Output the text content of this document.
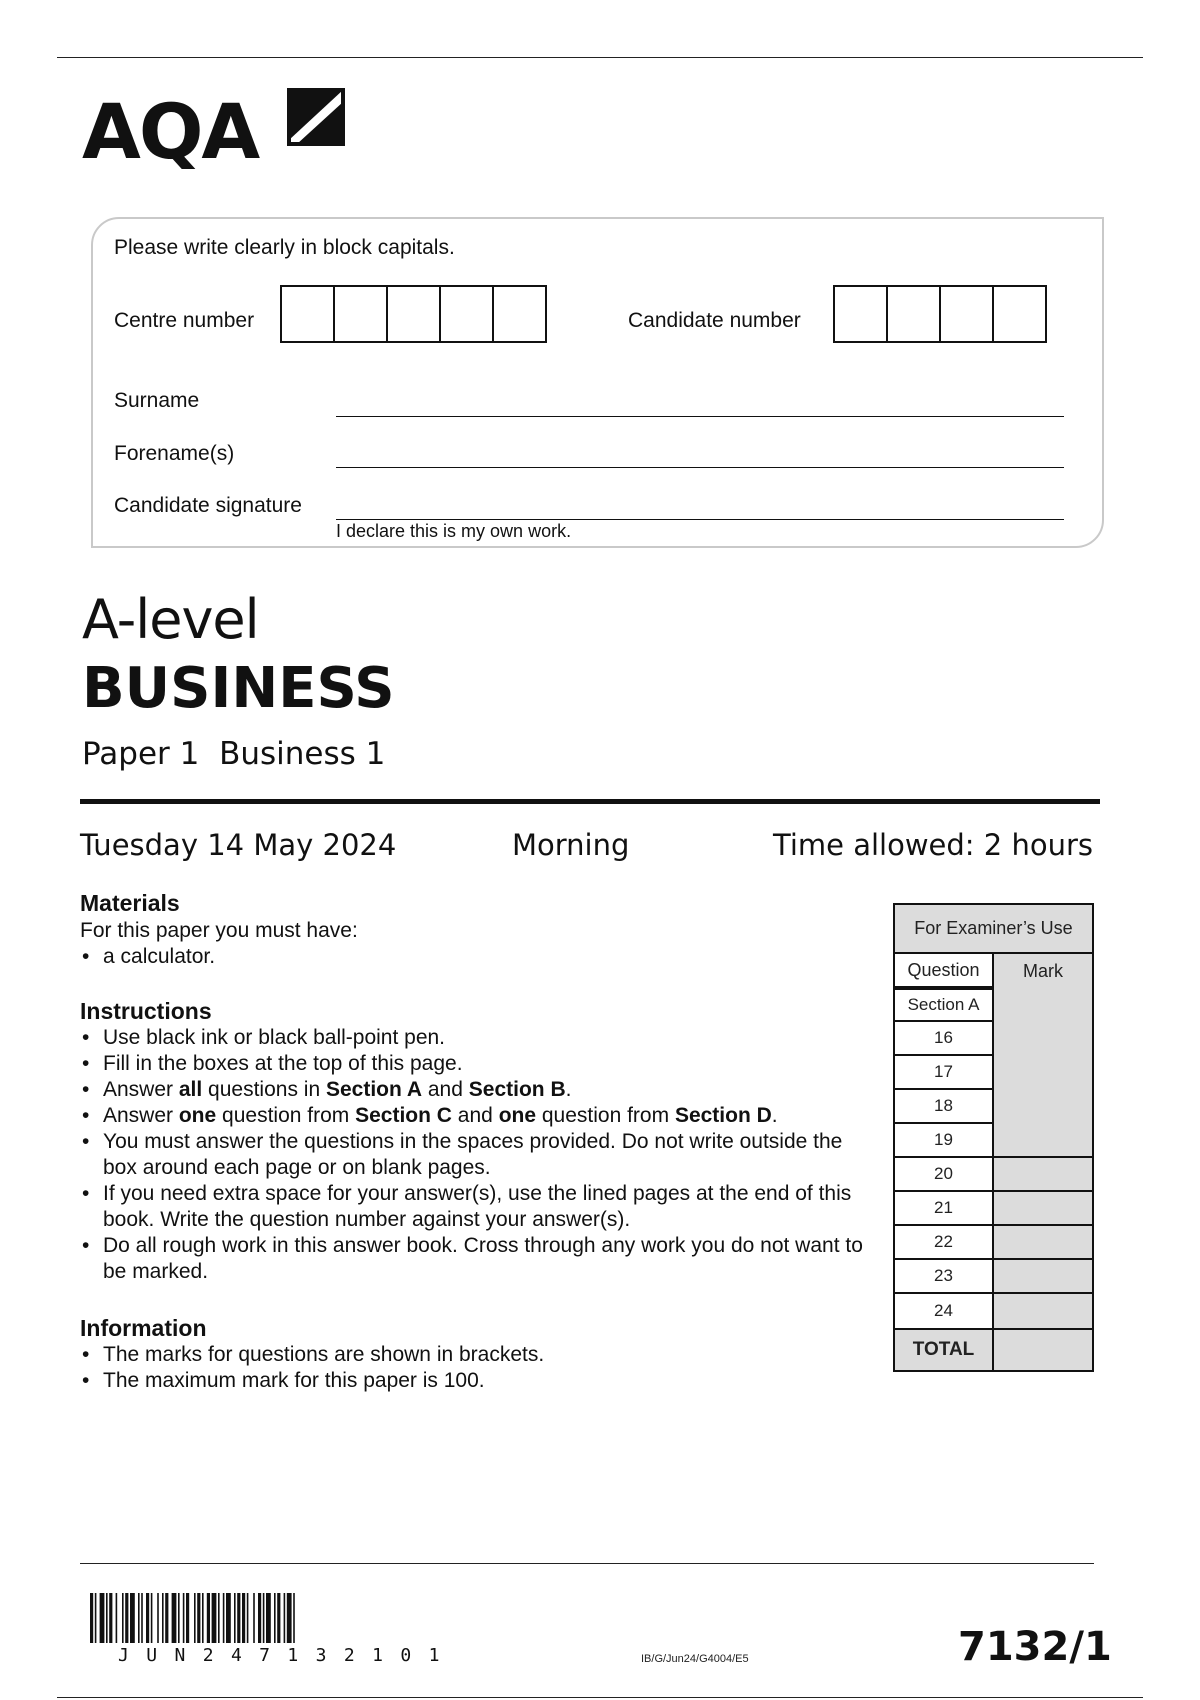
AQA
Please write clearly in block capitals.
Centre number	Candidate number
Surname
Forename(s)
Candidate signature
I declare this is my own work.
A-level
BUSINESS
Paper 1  Business 1
Tuesday 14 May 2024	Morning	Time allowed: 2 hours
Materials
For this paper you must have:
• a calculator.
Instructions
• Use black ink or black ball-point pen.
• Fill in the boxes at the top of this page.
• Answer all questions in Section A and Section B.
• Answer one question from Section C and one question from Section D.
• You must answer the questions in the spaces provided. Do not write outside the box around each page or on blank pages.
• If you need extra space for your answer(s), use the lined pages at the end of this book. Write the question number against your answer(s).
• Do all rough work in this answer book. Cross through any work you do not want to be marked.
Information
• The marks for questions are shown in brackets.
• The maximum mark for this paper is 100.
For Examiner’s Use
Question	Mark
Section A
16
17
18
19
20
21
22
23
24
TOTAL
JUN247132101	IB/G/Jun24/G4004/E5	7132/1
